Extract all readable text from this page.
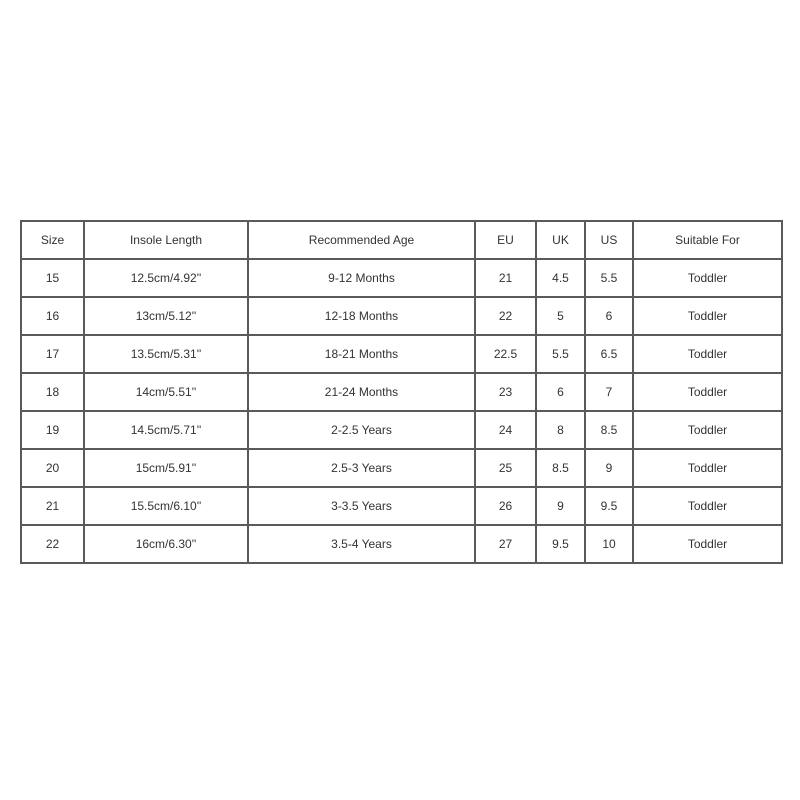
Size	Insole Length	Recommended Age	EU	UK	US	Suitable For
15	12.5cm/4.92''	9-12 Months	21	4.5	5.5	Toddler
16	13cm/5.12''	12-18 Months	22	5	6	Toddler
17	13.5cm/5.31''	18-21 Months	22.5	5.5	6.5	Toddler
18	14cm/5.51''	21-24 Months	23	6	7	Toddler
19	14.5cm/5.71''	2-2.5 Years	24	8	8.5	Toddler
20	15cm/5.91''	2.5-3 Years	25	8.5	9	Toddler
21	15.5cm/6.10''	3-3.5 Years	26	9	9.5	Toddler
22	16cm/6.30''	3.5-4 Years	27	9.5	10	Toddler
